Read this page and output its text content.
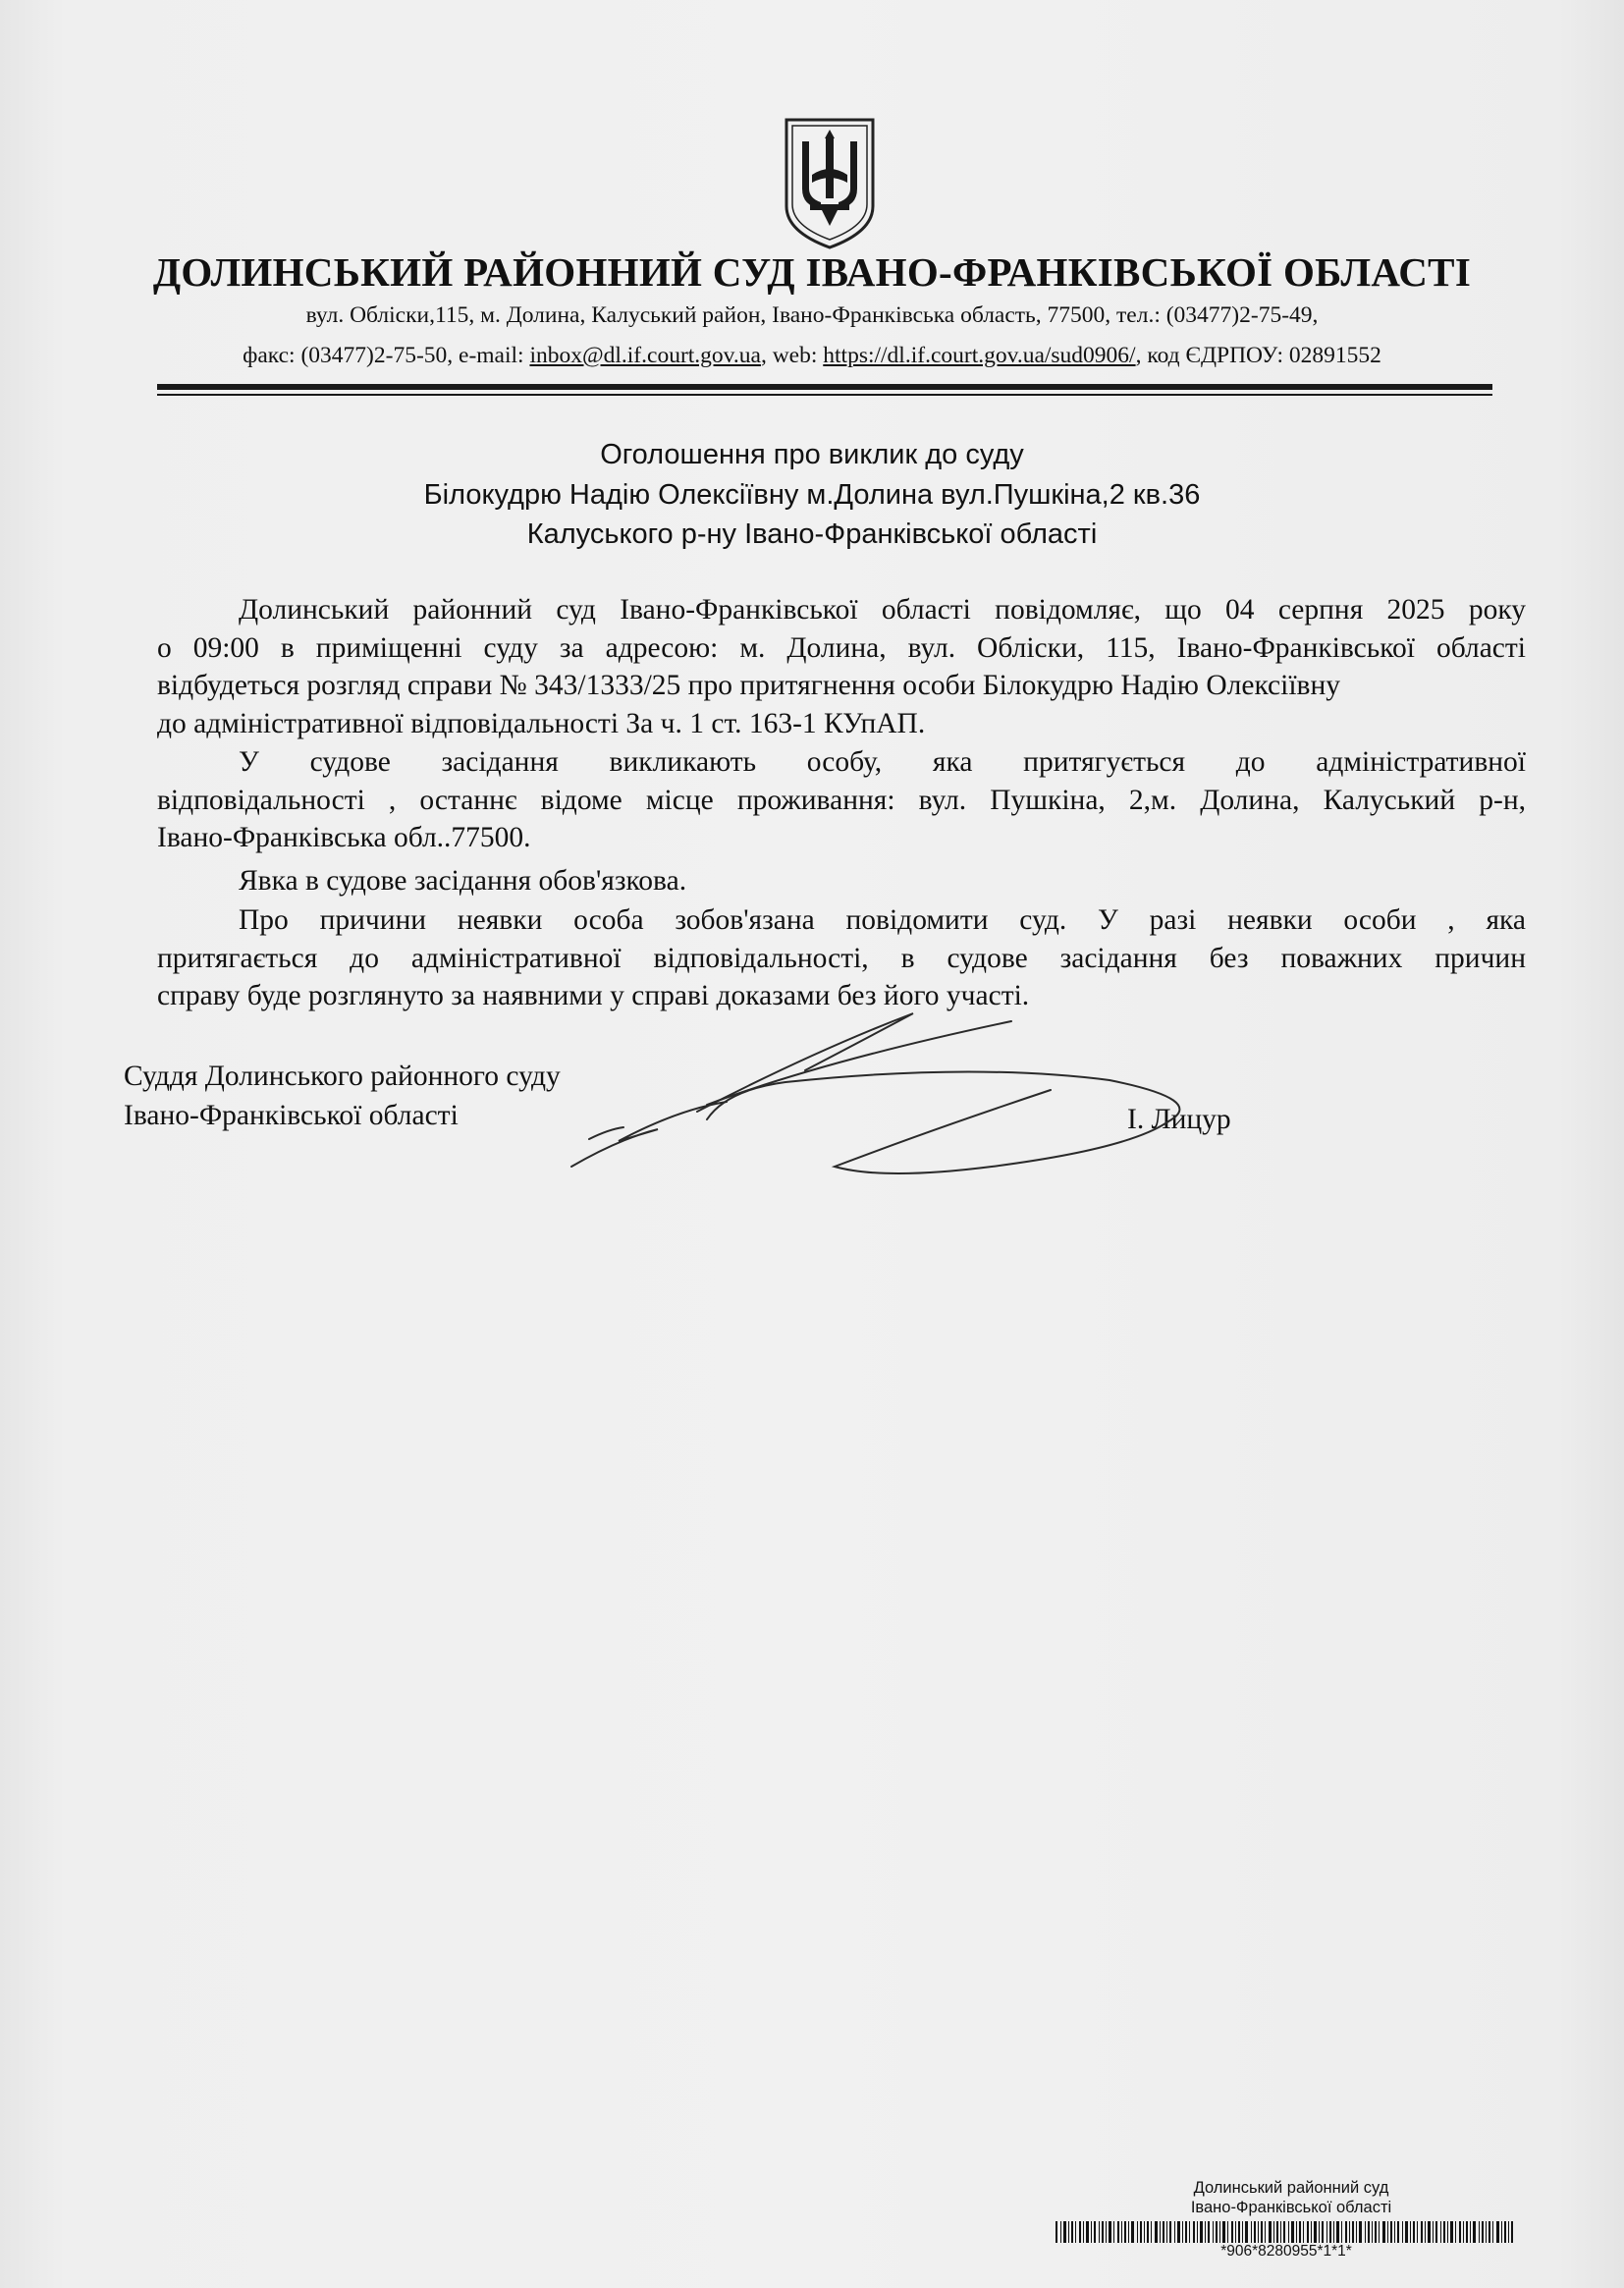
ДОЛИНСЬКИЙ РАЙОННИЙ СУД ІВАНО-ФРАНКІВСЬКОЇ ОБЛАСТІ
вул. Обліски,115, м. Долина, Калуський район, Івано-Франківська область, 77500, тел.: (03477)2-75-49,
факс: (03477)2-75-50, e-mail: inbox@dl.if.court.gov.ua, web: https://dl.if.court.gov.ua/sud0906/, код ЄДРПОУ: 02891552
Оголошення про виклик до суду
Білокудрю Надію Олексіївну м.Долина вул.Пушкіна,2 кв.36
Калуського р-ну Івано-Франківської області
Долинський районний суд Івано-Франківської області повідомляє, що 04 серпня 2025 року
о 09:00 в приміщенні суду за адресою: м. Долина, вул. Обліски, 115, Івано-Франківської області
відбудеться розгляд справи № 343/1333/25 про притягнення особи Білокудрю Надію Олексіївну
до адміністративної відповідальності За ч. 1 ст. 163-1 КУпАП.
У судове засідання викликають особу, яка притягується до адміністративної
відповідальності , останнє відоме місце проживання: вул. Пушкіна, 2,м. Долина, Калуський р-н,
Івано-Франківська обл..77500.
Явка в судове засідання обов'язкова.
Про причини неявки особа зобов'язана повідомити суд. У разі неявки особи , яка
притягається до адміністративної відповідальності, в судове засідання без поважних причин
справу буде розглянуто за наявними у справі доказами без його участі.
Суддя Долинського районного суду
Івано-Франківської області	І. Лицур
Долинський районний суд
Івано-Франківської області
*906*8280955*1*1*
